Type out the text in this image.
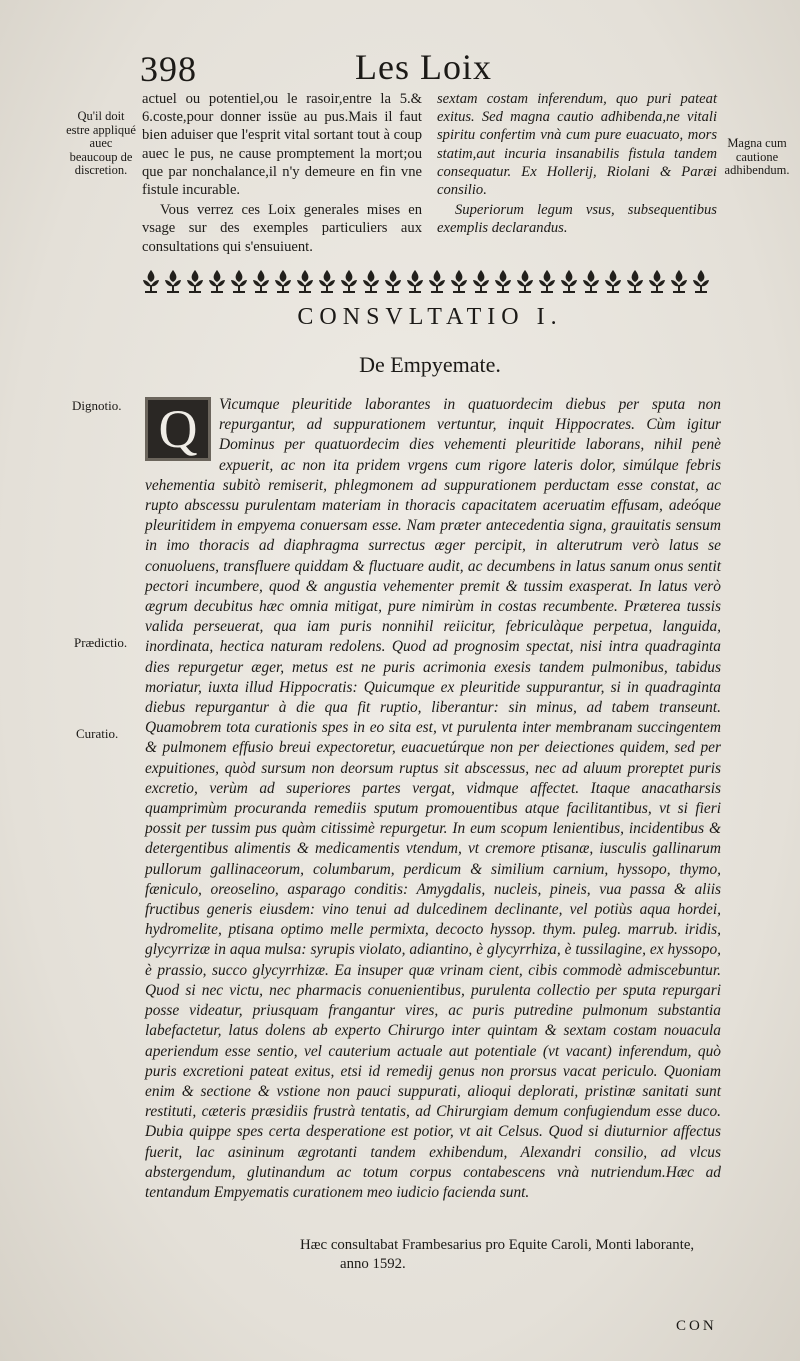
398	Les Loix
Qu'il doit estre appliqué auec beaucoup de discretion.
Magna cum cautione adhibendum.

actuel ou potentiel,ou le rasoir,entre la 5.& 6.coste,pour donner issüe au pus.Mais il faut bien aduiser que l'esprit vital sortant tout à coup auec le pus, ne cause promptement la mort;ou que par nonchalance,il n'y demeure en fin vne fistule incurable.

Vous verrez ces Loix generales mises en vsage sur des exemples particuliers aux consultations qui s'ensuiuent.

sextam costam inferendum, quo puri pateat exitus. Sed magna cautio adhibenda,ne vitali spiritu confertim vnà cum pure euacuato, mors statim,aut incuria insanabilis fistula tandem consequatur. Ex Hollerij, Riolani & Paræi consilio.

Superiorum legum vsus, subsequentibus exemplis declarandus.

CONSVLTATIO I.
De Empyemate.
Dignotio.
Prædictio.
Curatio.
Q	Vicumque pleuritide laborantes in quatuordecim diebus per sputa non repurgantur, ad suppurationem vertuntur, inquit Hippocrates. Cùm igitur Dominus per quatuordecim dies vehementi pleuritide laborans, nihil penè expuerit, ac non ita pridem vrgens cum rigore lateris dolor, simúlque febris vehementia subitò remiserit, phlegmonem ad suppurationem perductam esse constat, ac rupto abscessu purulentam materiam in thoracis capacitatem aceruatim effusam, adeóque pleuritidem in empyema conuersam esse. Nam præter antecedentia signa, grauitatis sensum in imo thoracis ad diaphragma surrectus æger percipit, in alterutrum verò latus se conuoluens, transfluere quiddam & fluctuare audit, ac decumbens in latus sanum onus sentit pectori incumbere, quod & angustia vehementer premit & tussim exasperat. In latus verò ægrum decubitus hæc omnia mitigat, pure nimirùm in costas recumbente. Præterea tussis valida perseuerat, qua iam puris nonnihil reiicitur, febriculàque perpetua, languida, inordinata, hectica naturam redolens. Quod ad prognosim spectat, nisi intra quadraginta dies repurgetur æger, metus est ne puris acrimonia exesis tandem pulmonibus, tabidus moriatur, iuxta illud Hippocratis: Quicumque ex pleuritide suppurantur, si in quadraginta diebus repurgantur à die qua fit ruptio, liberantur: sin minus, ad tabem transeunt. Quamobrem tota curationis spes in eo sita est, vt purulenta inter membranam succingentem & pulmonem effusio breui expectoretur, euacuetúrque non per deiectiones quidem, sed per expuitiones, quòd sursum non deorsum ruptus sit abscessus, nec ad aluum proreptet puris excretio, verùm ad superiores partes vergat, vidmque affectet. Itaque anacatharsis quamprimùm procuranda remediis sputum promouentibus atque facilitantibus, vt si fieri possit per tussim pus quàm citissimè repurgetur. In eum scopum lenientibus, incidentibus & detergentibus alimentis & medicamentis vtendum, vt cremore ptisanæ, iusculis gallinarum pullorum gallinaceorum, columbarum, perdicum & similium carnium, hyssopo, thymo, fæniculo, oreoselino, asparago conditis: Amygdalis, nucleis, pineis, vua passa & aliis fructibus generis eiusdem: vino tenui ad dulcedinem declinante, vel potiùs aqua hordei, hydromelite, ptisana optimo melle permixta, decocto hyssop. thym. puleg. marrub. iridis, glycyrrizæ in aqua mulsa: syrupis violato, adiantino, è glycyrrhiza, è tussilagine, ex hyssopo, è prassio, succo glycyrrhizæ. Ea insuper quæ vrinam cient, cibis commodè admiscebuntur. Quod si nec victu, nec pharmacis conuenientibus, purulenta collectio per sputa repurgari posse videatur, priusquam frangantur vires, ac puris putredine pulmonum substantia labefactetur, latus dolens ab experto Chirurgo inter quintam & sextam costam nouacula aperiendum esse sentio, vel cauterium actuale aut potentiale (vt vacant) inferendum, quò puris excretioni pateat exitus, etsi id remedij genus non prorsus vacat periculo. Quoniam enim & sectione & vstione non pauci suppurati, alioqui deplorati, pristinæ sanitati sunt restituti, cæteris præsidiis frustrà tentatis, ad Chirurgiam demum confugiendum esse duco. Dubia quippe spes certa desperatione est potior, vt ait Celsus. Quod si diuturnior affectus fuerit, lac asininum ægrotanti tandem exhibendum, Alexandri consilio, ad vlcus abstergendum, glutinandum ac totum corpus contabescens vnà nutriendum.Hæc ad tentandum Empyematis curationem meo iudicio facienda sunt.

Hæc consultabat Frambesarius pro Equite Caroli, Monti laborante,
anno 1592.
CON
